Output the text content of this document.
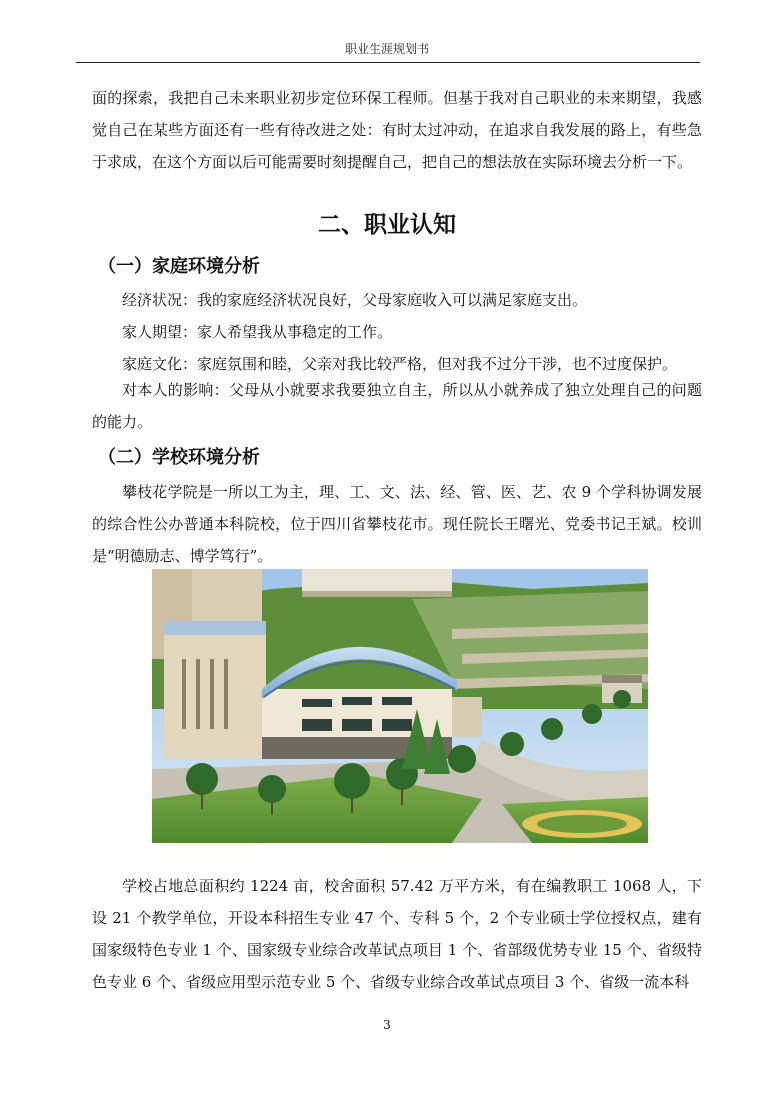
职业生涯规划书

面的探索，我把自己未来职业初步定位环保工程师。但基于我对自己职业的未来期望，我感觉自己在某些方面还有一些有待改进之处：有时太过冲动，在追求自我发展的路上，有些急于求成，在这个方面以后可能需要时刻提醒自己，把自己的想法放在实际环境去分析一下。

二、职业认知
（一）家庭环境分析

经济状况：我的家庭经济状况良好，父母家庭收入可以满足家庭支出。

家人期望：家人希望我从事稳定的工作。

家庭文化：家庭氛围和睦，父亲对我比较严格，但对我不过分干涉，也不过度保护。

对本人的影响：父母从小就要求我要独立自主，所以从小就养成了独立处理自己的问题的能力。

（二）学校环境分析

攀枝花学院是一所以工为主，理、工、文、法、经、管、医、艺、农 9 个学科协调发展的综合性公办普通本科院校，位于四川省攀枝花市。现任院长王曙光、党委书记王斌。校训是“明德励志、博学笃行”。

学校占地总面积约 1224 亩，校舍面积 57.42 万平方米，有在编教职工 1068 人，下设 21 个教学单位，开设本科招生专业 47 个、专科 5 个，2 个专业硕士学位授权点，建有国家级特色专业 1 个、国家级专业综合改革试点项目 1 个、省部级优势专业 15 个、省级特色专业 6 个、省级应用型示范专业 5 个、省级专业综合改革试点项目 3 个、省级一流本科

3
